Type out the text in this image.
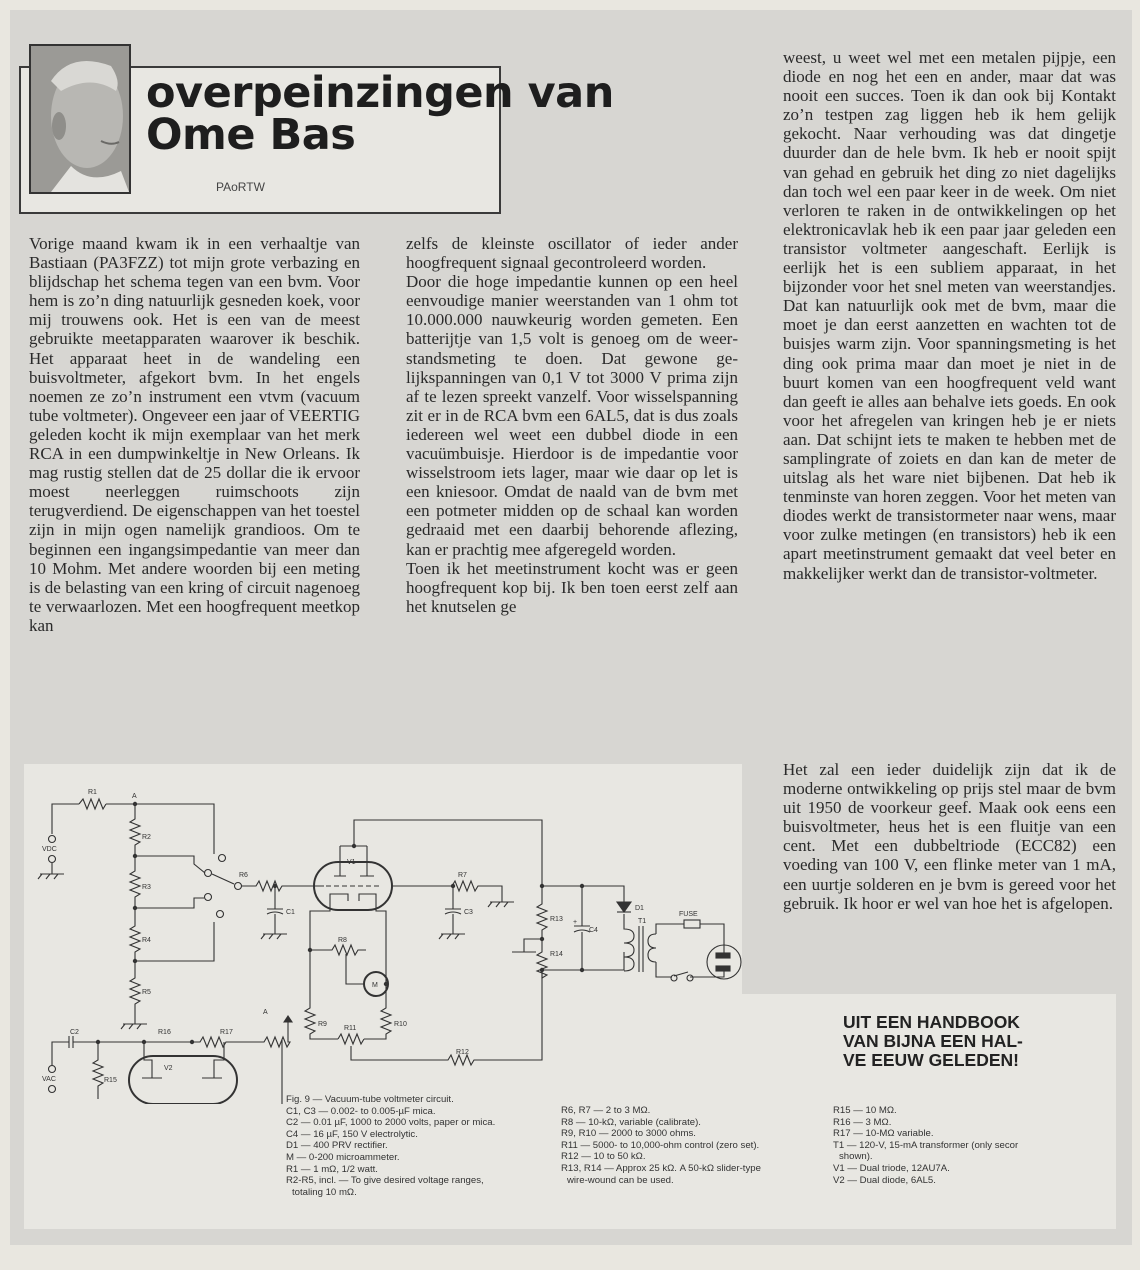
overpeinzingen van
Ome Bas
PAoRTW

Vorige maand kwam ik in een verhaaltje van Bastiaan (PA3FZZ) tot mijn grote verbazing en blijdschap het schema tegen van een bvm. Voor hem is zo’n ding natuurlijk gesneden koek, voor mij trouwens ook. Het is een van de meest gebruikte meetapparaten waarover ik beschik. Het apparaat heet in de wandeling een buisvoltmeter, afgekort bvm. In het engels noemen ze zo’n instrument een vtvm (vacuum tube voltmeter). Ongeveer een jaar of VEERTIG geleden kocht ik mijn exemplaar van het merk RCA in een dumpwinkeltje in New Orleans. Ik mag rustig stellen dat de 25 dollar die ik ervoor moest neerleggen ruimschoots zijn terugverdiend. De eigenschappen van het toestel zijn in mijn ogen namelijk grandioos. Om te beginnen een ingangsimpedantie van meer dan 10 Mohm. Met andere woorden bij een meting is de belasting van een kring of circuit nagenoeg te verwaarlozen. Met een hoogfrequent meetkop kan

zelfs de kleinste oscillator of ieder ander hoogfrequent signaal gecontroleerd worden.

Door die hoge impedantie kunnen op een heel eenvoudige manier weerstanden van 1 ohm tot 10.000.000 nauwkeurig worden gemeten. Een batterijtje van 1,5 volt is genoeg om de weerstandsmeting te doen. Dat gewone gelijkspanningen van 0,1 V tot 3000 V prima zijn af te lezen spreekt vanzelf. Voor wisselspanning zit er in de RCA bvm een 6AL5, dat is dus zoals iedereen wel weet een dubbel diode in een vacuümbuisje. Hierdoor is de impedantie voor wisselstroom iets lager, maar wie daar op let is een kniesoor. Omdat de naald van de bvm met een potmeter midden op de schaal kan worden gedraaid met een daarbij behorende aflezing, kan er prachtig mee afgeregeld worden.

Toen ik het meetinstrument kocht was er geen hoogfrequent kop bij. Ik ben toen eerst zelf aan het knutselen ge

weest, u weet wel met een metalen pijpje, een diode en nog het een en ander, maar dat was nooit een succes. Toen ik dan ook bij Kontakt zo’n testpen zag liggen heb ik hem gelijk gekocht. Naar verhouding was dat dingetje duurder dan de hele bvm. Ik heb er nooit spijt van gehad en gebruik het ding zo niet dagelijks dan toch wel een paar keer in de week. Om niet verloren te raken in de ontwikkelingen op het elektronicavlak heb ik een paar jaar geleden een transistor voltmeter aangeschaft. Eerlijk is eerlijk het is een subliem apparaat, in het bijzonder voor het snel meten van weerstandjes. Dat kan natuurlijk ook met de bvm, maar die moet je dan eerst aanzetten en wachten tot de buisjes warm zijn. Voor spanningsmeting is het ding ook prima maar dan moet je niet in de buurt komen van een hoogfrequent veld want dan geeft ie alles aan behalve iets goeds. En ook voor het afregelen van kringen heb je er niets aan. Dat schijnt iets te maken te hebben met de samplingrate of zoiets en dan kan de meter de uitslag als het ware niet bijbenen. Dat heb ik tenminste van horen zeggen. Voor het meten van diodes werkt de transistormeter naar wens, maar voor zulke metingen (en transistors) heb ik een apart meetinstrument gemaakt dat veel beter en makkelijker werkt dan de transistor-voltmeter.

Het zal een ieder duidelijk zijn dat ik de moderne ontwikkeling op prijs stel maar de bvm uit 1950 de voorkeur geef. Maak ook eens een buisvoltmeter, heus het is een fluitje van een cent. Met een dubbeltriode (ECC82) een voeding van 100 V, een flinke meter van 1 mA, een uurtje solderen en je bvm is gereed voor het gebruik. Ik hoor er wel van hoe het is afgelopen.

R1
A
R2
R3
R4
R5
VDC
R6
C1
V1
R7
C3
R8
M
R9	R10
R11
R12
R13
R14
C4
+
D1
T1
FUSE
C2
VAC	R15
R16	R17
V2
A	UIT EEN HANDBOOK
VAN BIJNA EEN HAL-
VE EEUW GELEDEN!

Fig. 9 — Vacuum-tube voltmeter circuit.
C1, C3 — 0.002- to 0.005-µF mica.
C2 — 0.01 µF, 1000 to 2000 volts, paper or mica.
C4 — 16 µF, 150 V electrolytic.
D1 — 400 PRV rectifier.
M — 0-200 microammeter.
R1 — 1 mΩ, 1/2 watt.
R2-R5, incl. — To give desired voltage ranges,
totaling 10 mΩ.
R6, R7 — 2 to 3 MΩ.
R8 — 10-kΩ, variable (calibrate).
R9, R10 — 2000 to 3000 ohms.
R11 — 5000- to 10,000-ohm control (zero set).
R12 — 10 to 50 kΩ.
R13, R14 — Approx 25 kΩ. A 50-kΩ slider-type
wire-wound can be used.
R15 — 10 MΩ.
R16 — 3 MΩ.
R17 — 10-MΩ variable.
T1 — 120-V, 15-mA transformer (only secor
shown).
V1 — Dual triode, 12AU7A.
V2 — Dual diode, 6AL5.
